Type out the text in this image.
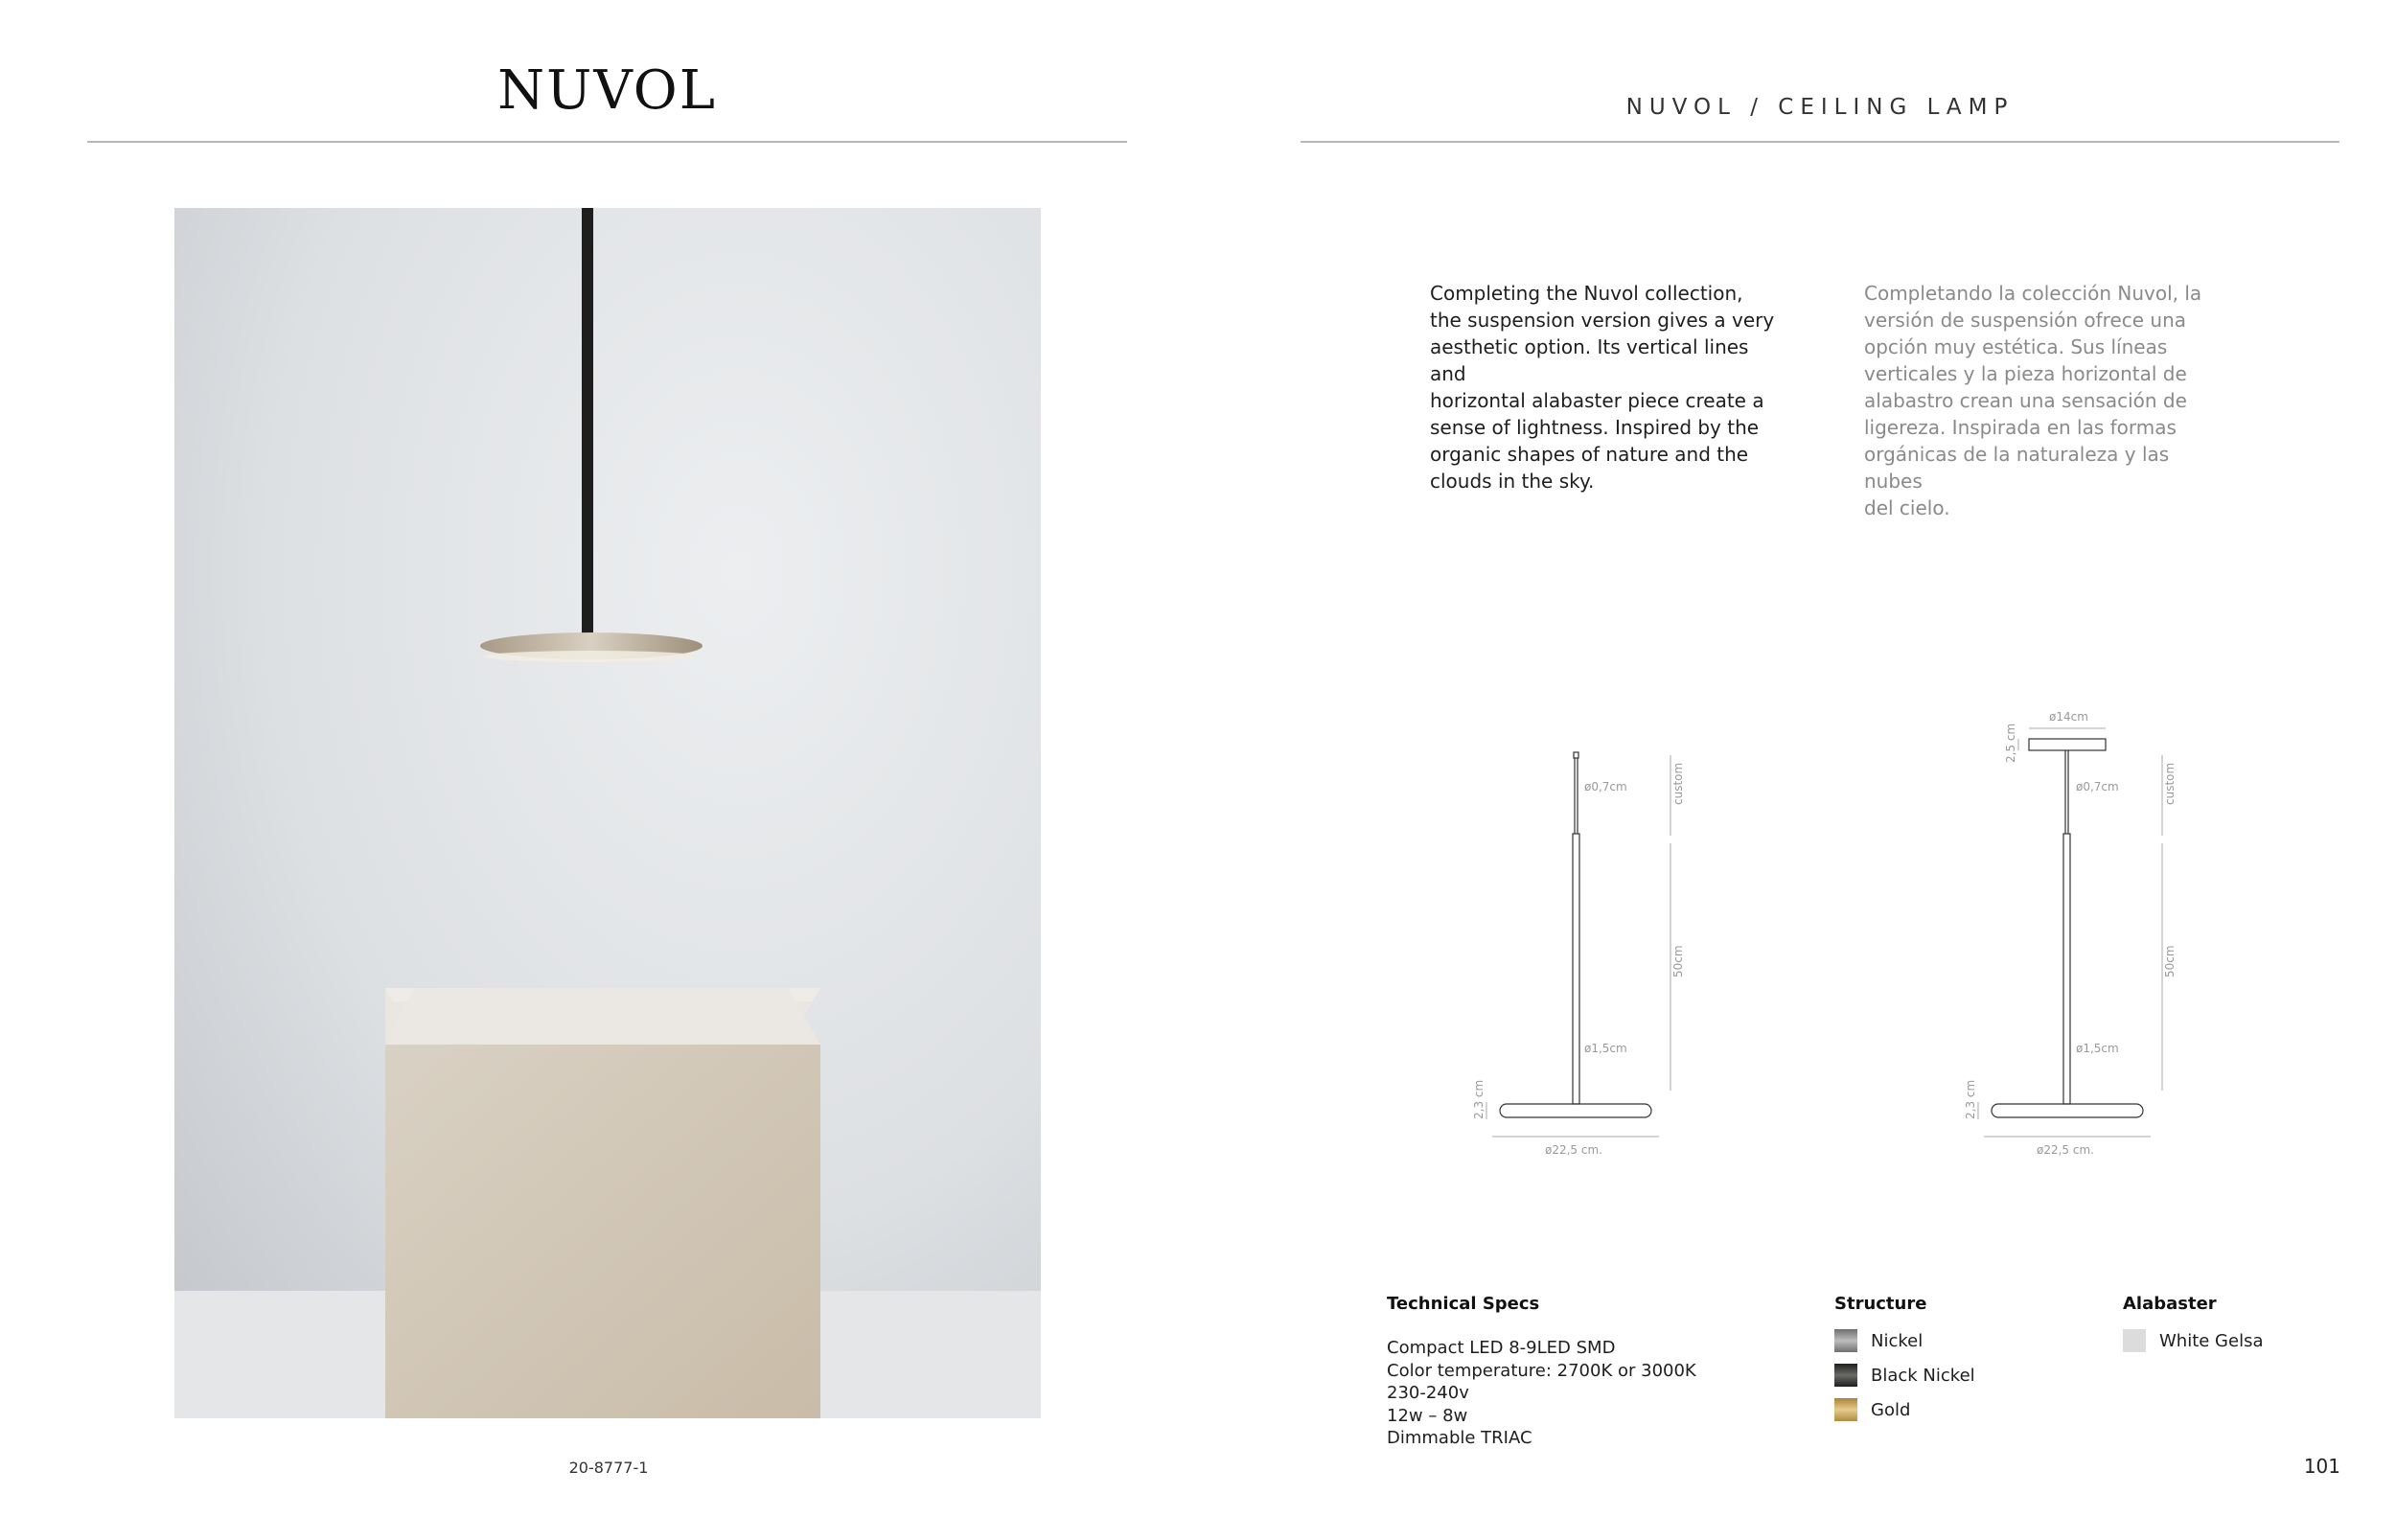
NUVOL
20-8777-1
NUVOL / CEILING LAMP
Completing the Nuvol collection,
the suspension version gives a very
aesthetic option. Its vertical lines and
horizontal alabaster piece create a
sense of lightness. Inspired by the
organic shapes of nature and the
clouds in the sky.
Completando la colección Nuvol, la
versión de suspensión ofrece una
opción muy estética. Sus líneas
verticales y la pieza horizontal de
alabastro crean una sensación de
ligereza. Inspirada en las formas
orgánicas de la naturaleza y las nubes
del cielo.
ø0,7cm
ø1,5cm
custom
50cm
2,3 cm
ø22,5 cm.
ø14cm
2,5 cm
ø0,7cm
ø1,5cm
custom
50cm
2,3 cm
ø22,5 cm.
Technical Specs
Compact LED 8-9LED SMD
Color temperature: 2700K or 3000K
230-240v
12w – 8w
Dimmable TRIAC
Structure
Nickel
Black Nickel
Gold
Alabaster
White Gelsa
101
